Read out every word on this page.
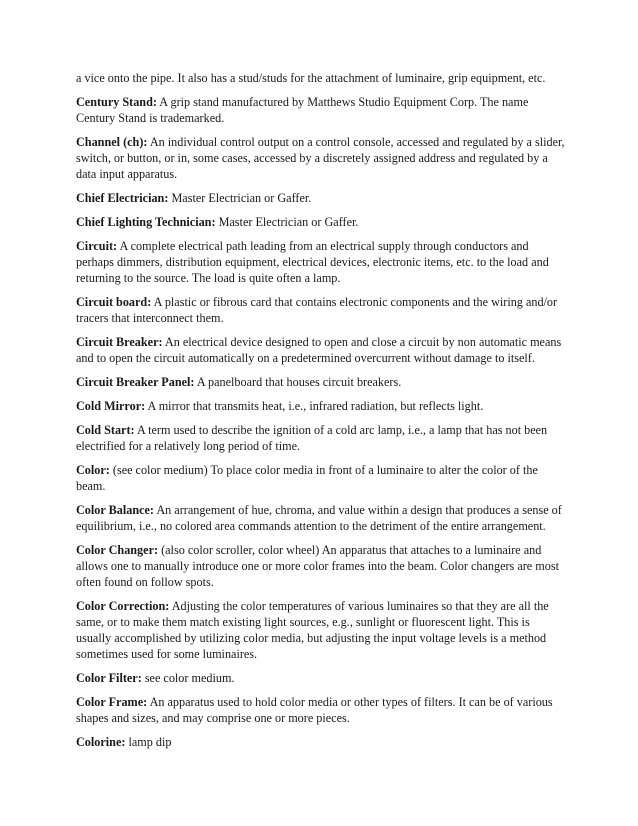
a vice onto the pipe. It also has a stud/studs for the attachment of luminaire, grip equipment, etc.

Century Stand: A grip stand manufactured by Matthews Studio Equipment Corp. The name Century Stand is trademarked.

Channel (ch): An individual control output on a control console, accessed and regulated by a slider, switch, or button, or in, some cases, accessed by a discretely assigned address and regulated by a data input apparatus.

Chief Electrician: Master Electrician or Gaffer.

Chief Lighting Technician: Master Electrician or Gaffer.

Circuit: A complete electrical path leading from an electrical supply through conductors and perhaps dimmers, distribution equipment, electrical devices, electronic items, etc. to the load and returning to the source. The load is quite often a lamp.

Circuit board: A plastic or fibrous card that contains electronic components and the wiring and/or tracers that interconnect them.

Circuit Breaker: An electrical device designed to open and close a circuit by non automatic means and to open the circuit automatically on a predetermined overcurrent without damage to itself.

Circuit Breaker Panel: A panelboard that houses circuit breakers.

Cold Mirror: A mirror that transmits heat, i.e., infrared radiation, but reflects light.

Cold Start: A term used to describe the ignition of a cold arc lamp, i.e., a lamp that has not been electrified for a relatively long period of time.

Color: (see color medium) To place color media in front of a luminaire to alter the color of the beam.

Color Balance: An arrangement of hue, chroma, and value within a design that produces a sense of equilibrium, i.e., no colored area commands attention to the detriment of the entire arrangement.

Color Changer: (also color scroller, color wheel) An apparatus that attaches to a luminaire and allows one to manually introduce one or more color frames into the beam. Color changers are most often found on follow spots.

Color Correction: Adjusting the color temperatures of various luminaires so that they are all the same, or to make them match existing light sources, e.g., sunlight or fluorescent light. This is usually accomplished by utilizing color media, but adjusting the input voltage levels is a method sometimes used for some luminaires.

Color Filter: see color medium.

Color Frame: An apparatus used to hold color media or other types of filters. It can be of various shapes and sizes, and may comprise one or more pieces.

Colorine: lamp dip
